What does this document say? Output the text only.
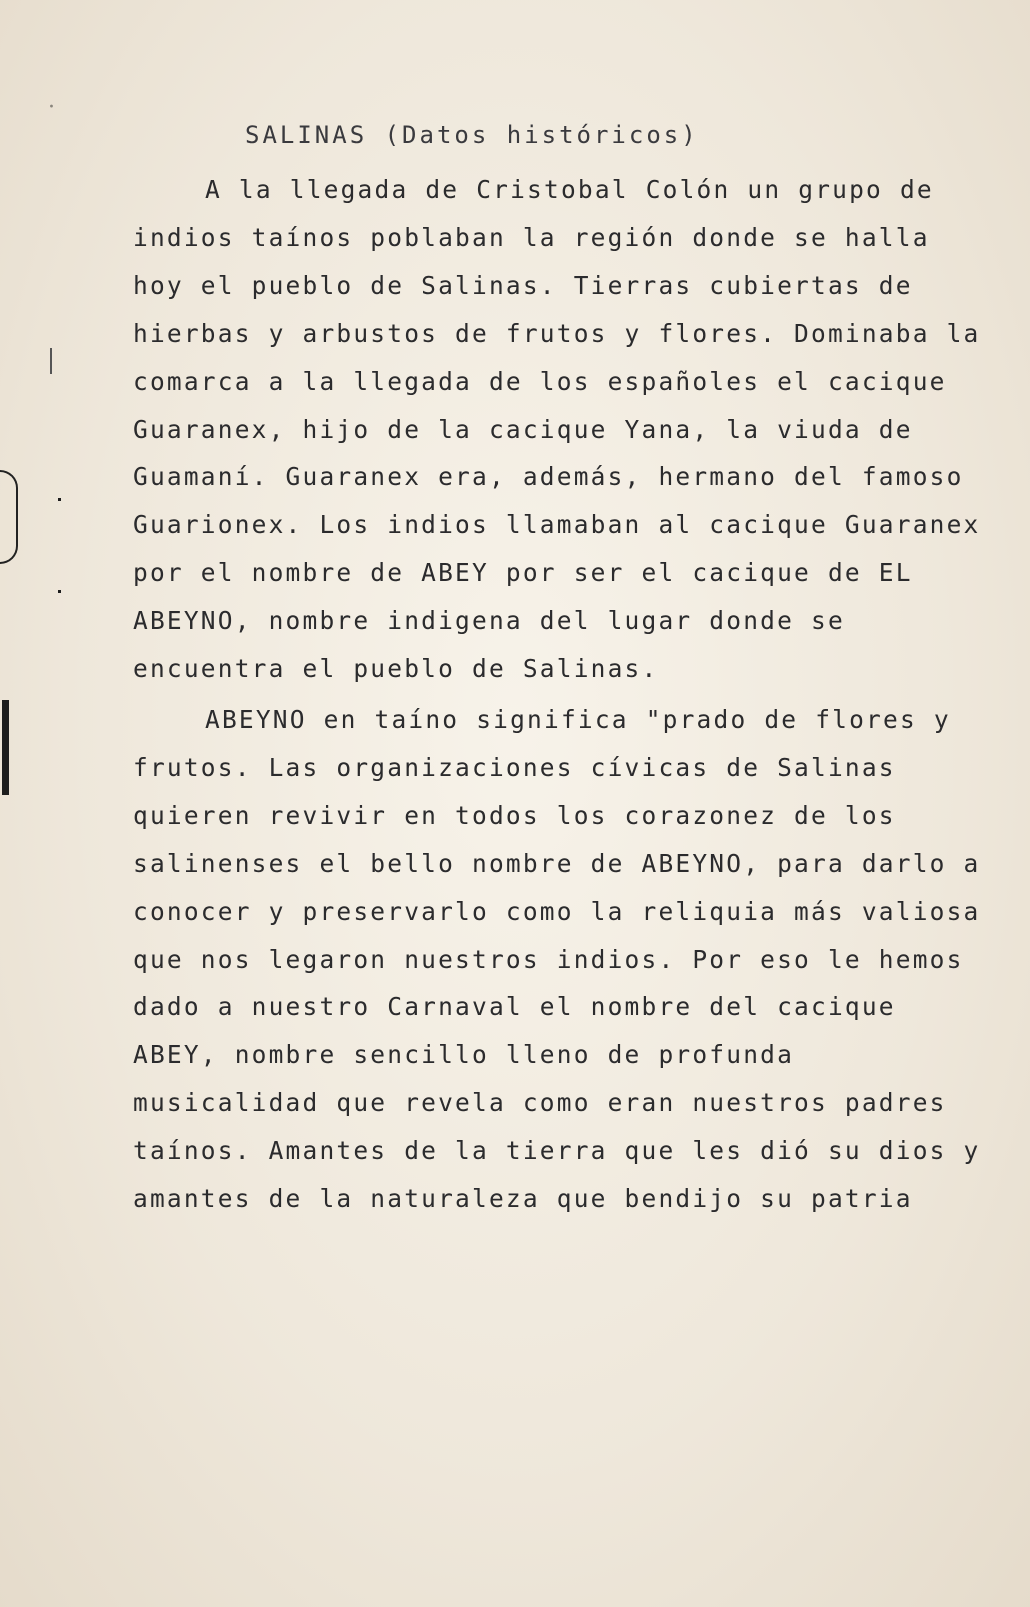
·
SALINAS (Datos históricos)

A la llegada de Cristobal Colón un grupo de indios taínos poblaban la región donde se halla hoy el pueblo de Salinas. Tierras cubiertas de hierbas y arbustos de frutos y flores. Dominaba la comarca a la llegada de los españoles el cacique Guaranex, hijo de la cacique Yana, la viuda de Guamaní. Guaranex era, además, hermano del famoso Guarionex. Los indios llamaban al cacique Guaranex por el nombre de ABEY por ser el cacique de EL ABEYNO, nombre indigena del lugar donde se encuentra el pueblo de Salinas.

ABEYNO en taíno significa "prado de flores y frutos. Las organizaciones cívicas de Salinas quieren revivir en todos los corazonez de los salinenses el bello nombre de ABEYNO, para darlo a conocer y preservarlo como la reliquia más valiosa que nos legaron nuestros indios. Por eso le hemos dado a nuestro Carnaval el nombre del cacique ABEY, nombre sencillo lleno de profunda musicalidad que revela como eran nuestros padres taínos. Amantes de la tierra que les dió su dios y amantes de la naturaleza que bendijo su patria
